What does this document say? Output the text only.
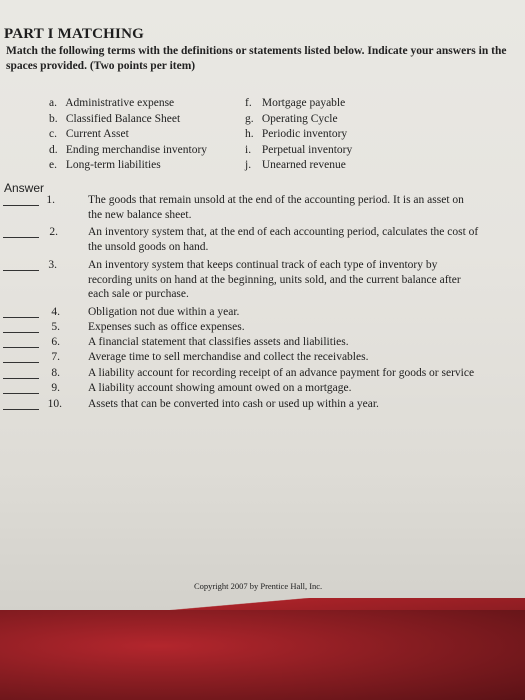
PART I MATCHING
Match the following terms with the definitions or statements listed below. Indicate your answers in the spaces provided. (Two points per item)
a. Administrative expense
b. Classified Balance Sheet
c. Current Asset
d. Ending merchandise inventory
e. Long-term liabilities
f. Mortgage payable
g. Operating Cycle
h. Periodic inventory
i. Perpetual inventory
j. Unearned revenue
Answer
1.	The goods that remain unsold at the end of the accounting period. It is an asset on
the new balance sheet.
2.	An inventory system that, at the end of each accounting period, calculates the cost of
the unsold goods on hand.
3.	An inventory system that keeps continual track of each type of inventory by
recording units on hand at the beginning, units sold, and the current balance after
each sale or purchase.
4. Obligation not due within a year.
5. Expenses such as office expenses.
6. A financial statement that classifies assets and liabilities.
7. Average time to sell merchandise and collect the receivables.
8. A liability account for recording receipt of an advance payment for goods or service
9. A liability account showing amount owed on a mortgage.
10. Assets that can be converted into cash or used up within a year.
Copyright 2007 by Prentice Hall, Inc.
